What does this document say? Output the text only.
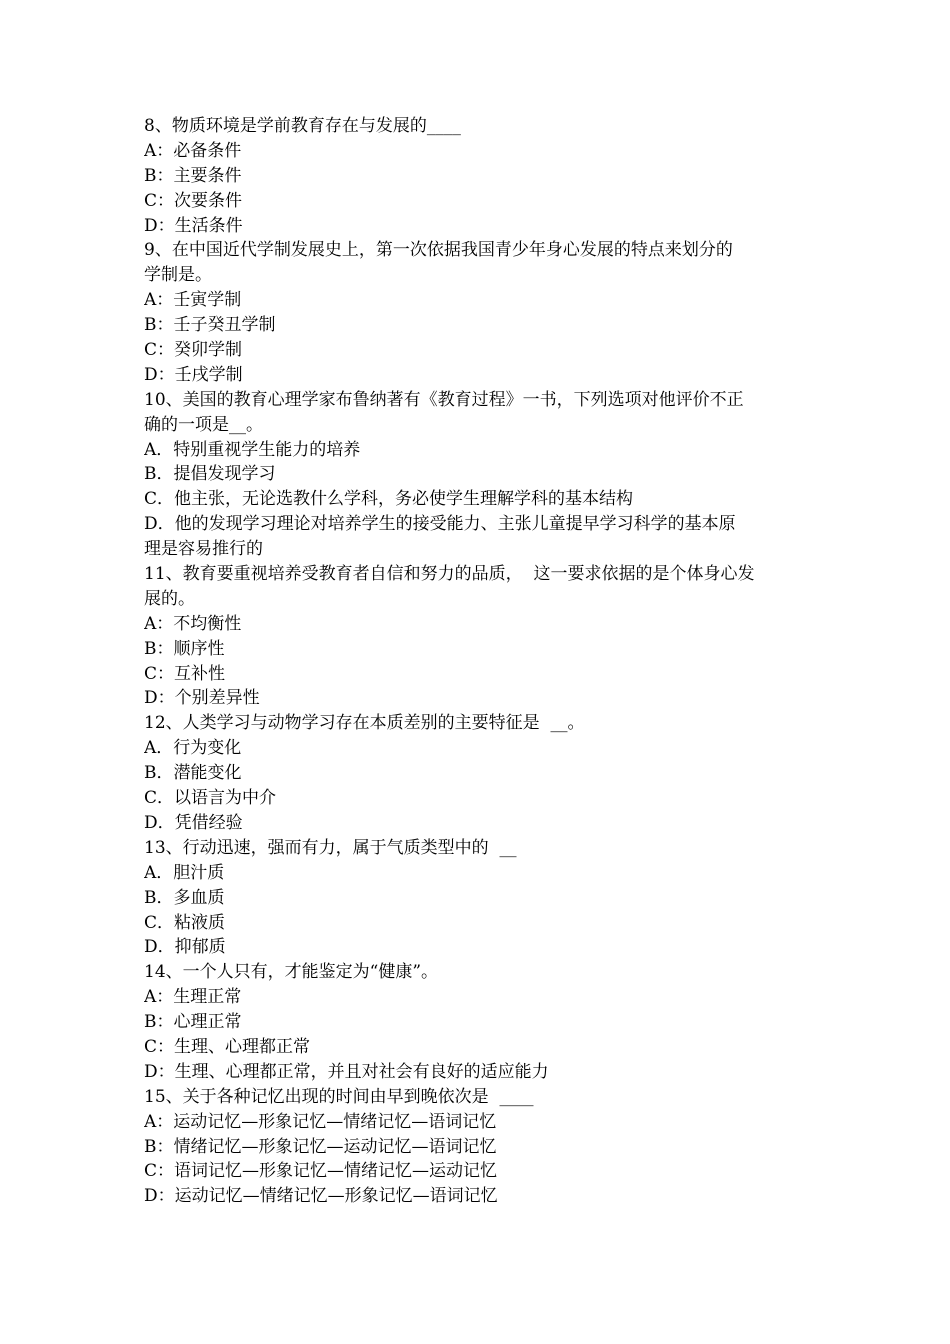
8、物质环境是学前教育存在与发展的____
A：必备条件
B：主要条件
C：次要条件
D：生活条件
9、在中国近代学制发展史上，第一次依据我国青少年身心发展的特点来划分的
学制是。
A：壬寅学制
B：壬子癸丑学制
C：癸卯学制
D：壬戌学制
10、美国的教育心理学家布鲁纳著有《教育过程》一书，下列选项对他评价不正
确的一项是__。
A．特别重视学生能力的培养
B．提倡发现学习
C．他主张，无论选教什么学科，务必使学生理解学科的基本结构
D．他的发现学习理论对培养学生的接受能力、主张儿童提早学习科学的基本原
理是容易推行的
11、教育要重视培养受教育者自信和努力的品质，  这一要求依据的是个体身心发
展的。
A：不均衡性
B：顺序性
C：互补性
D：个别差异性
12、人类学习与动物学习存在本质差别的主要特征是  __。
A．行为变化
B．潜能变化
C．以语言为中介
D．凭借经验
13、行动迅速，强而有力，属于气质类型中的  __
A．胆汁质
B．多血质
C．粘液质
D．抑郁质
14、一个人只有，才能鉴定为“健康”。
A：生理正常
B：心理正常
C：生理、心理都正常
D：生理、心理都正常，并且对社会有良好的适应能力
15、关于各种记忆出现的时间由早到晚依次是  ____
A：运动记忆—形象记忆—情绪记忆—语词记忆
B：情绪记忆—形象记忆—运动记忆—语词记忆
C：语词记忆—形象记忆—情绪记忆—运动记忆
D：运动记忆—情绪记忆—形象记忆—语词记忆
